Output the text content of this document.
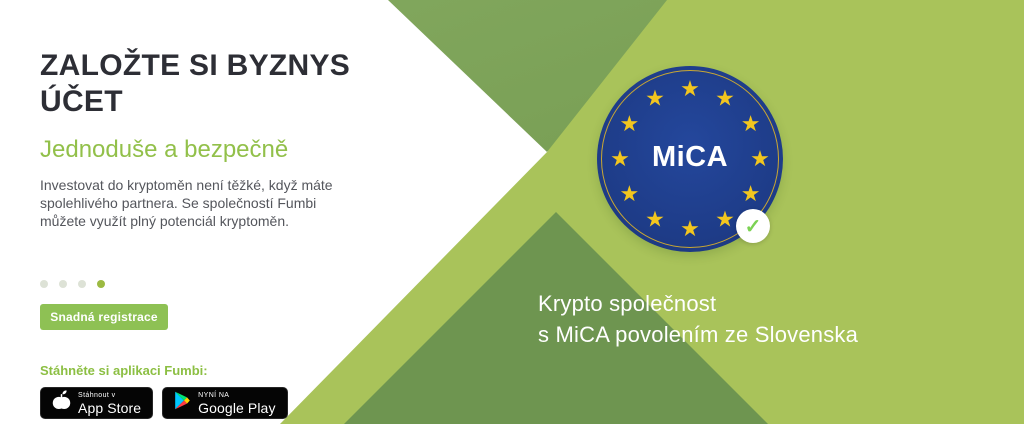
ZALOŽTE SI BYZNYS ÚČET
Jednoduše a bezpečně

Investovat do kryptoměn není těžké, když máte spolehlivého partnera. Se společností Fumbi můžete využít plný potenciál kryptoměn.

Snadná registrace

Stáhněte si aplikaci Fumbi:

Stáhnout v
App Store
NYNÍ NA
Google Play
★ ★
★
★
★
★
★
★
★
★
★
★
MiCA
✓
Krypto společnost
s MiCA povolením ze Slovenska
